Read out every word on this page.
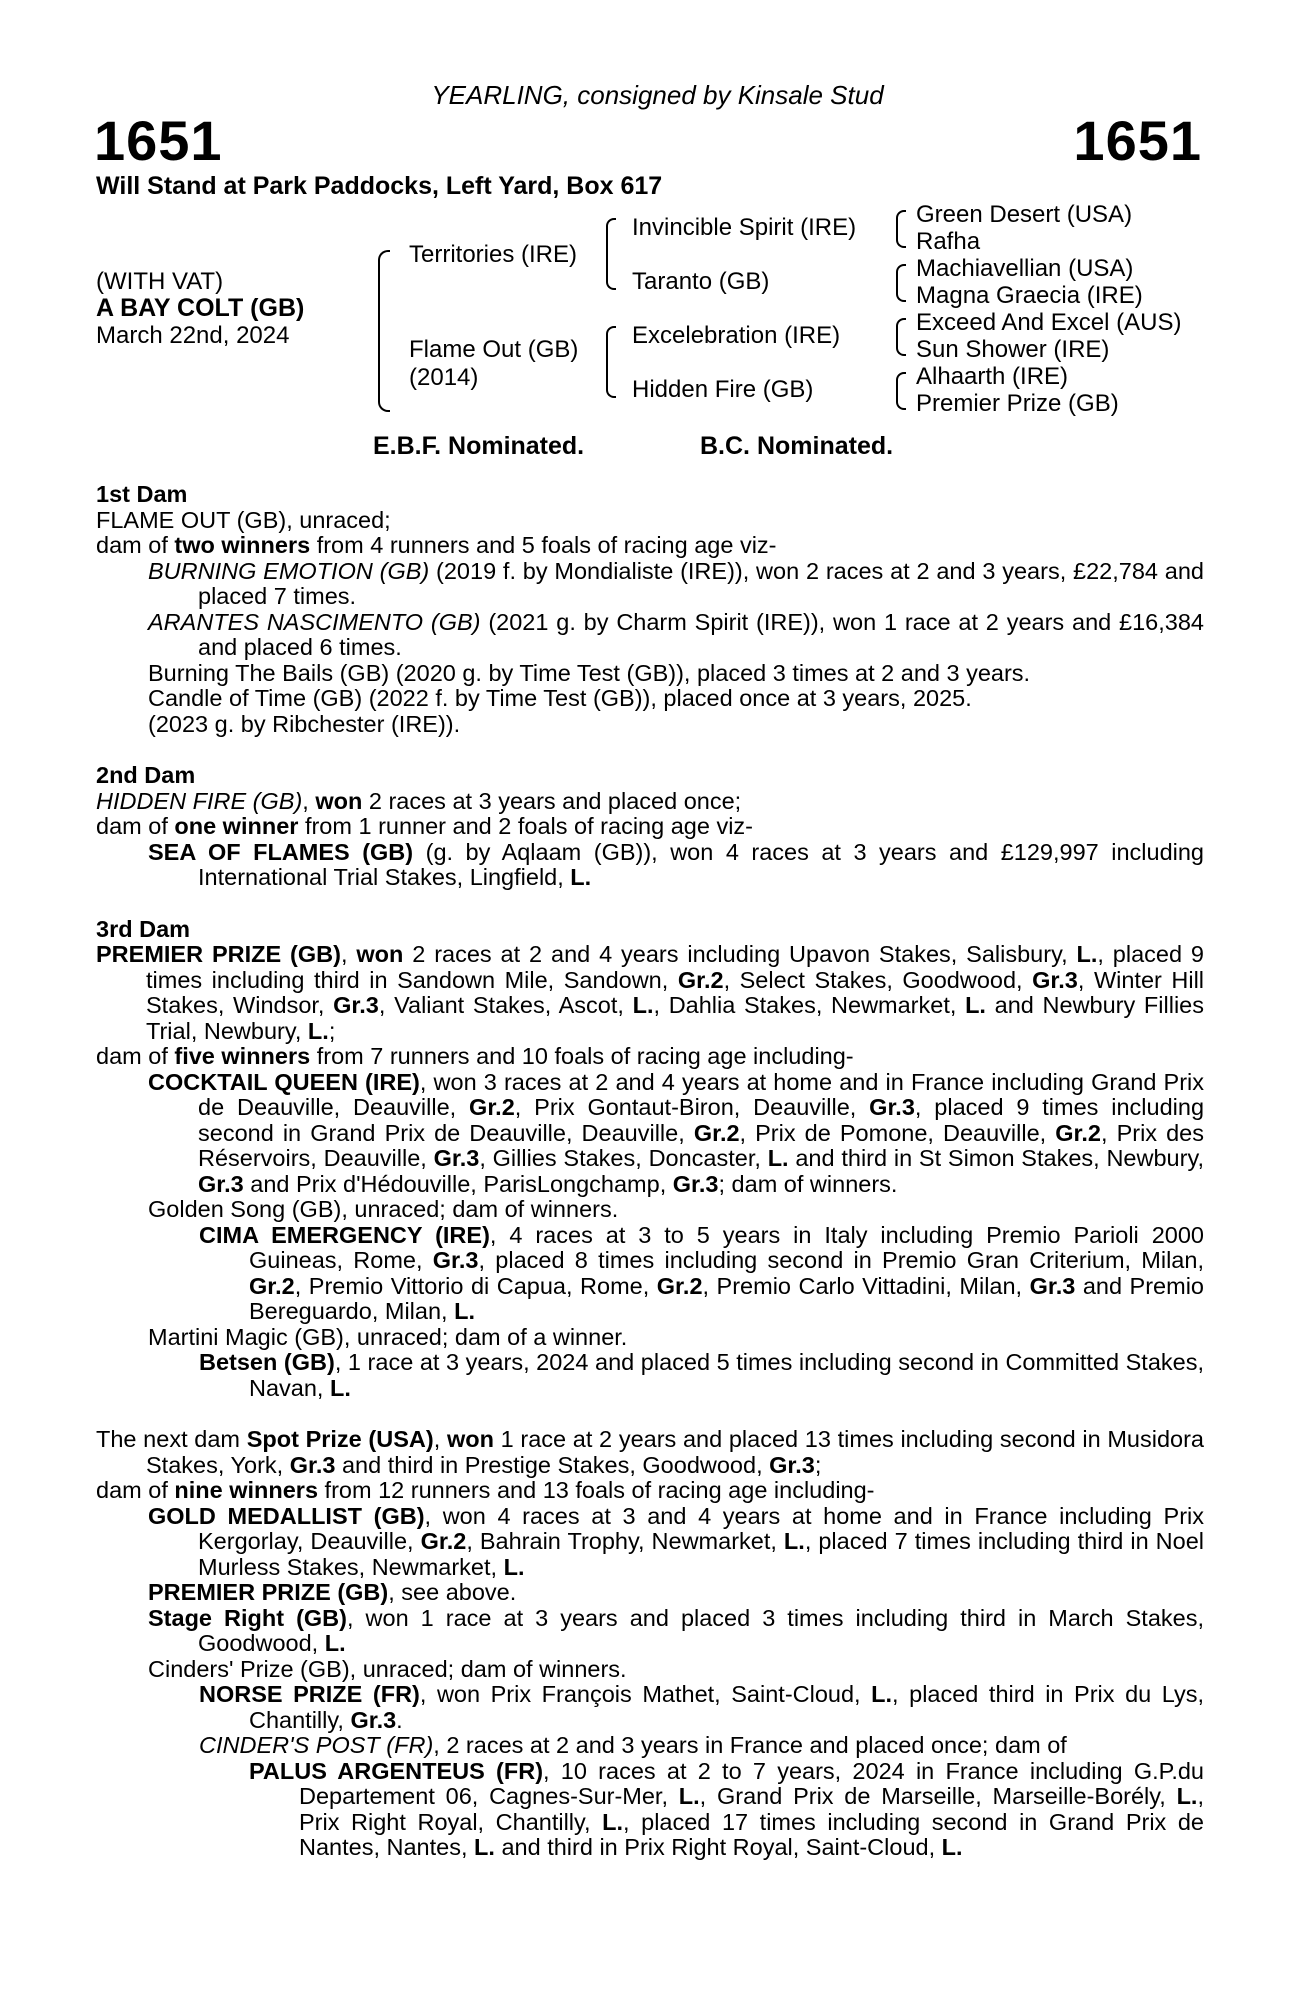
YEARLING, consigned by Kinsale Stud
1651	1651
Will Stand at Park Paddocks, Left Yard, Box 617
(WITH VAT)
A BAY COLT (GB)
March 22nd, 2024
Territories (IRE)
Flame Out (GB)
(2014)
Invincible Spirit (IRE)
Taranto (GB)
Excelebration (IRE)
Hidden Fire (GB)
Green Desert (USA)
Rafha
Machiavellian (USA)
Magna Graecia (IRE)
Exceed And Excel (AUS)
Sun Shower (IRE)
Alhaarth (IRE)
Premier Prize (GB)
E.B.F. Nominated.	B.C. Nominated.

1st Dam

FLAME OUT (GB), unraced;

dam of two winners from 4 runners and 5 foals of racing age viz-

BURNING EMOTION (GB) (2019 f. by Mondialiste (IRE)), won 2 races at 2 and 3 years, £22,784 and placed 7 times.

ARANTES NASCIMENTO (GB) (2021 g. by Charm Spirit (IRE)), won 1 race at 2 years and £16,384 and placed 6 times.

Burning The Bails (GB) (2020 g. by Time Test (GB)), placed 3 times at 2 and 3 years.

Candle of Time (GB) (2022 f. by Time Test (GB)), placed once at 3 years, 2025.

(2023 g. by Ribchester (IRE)).

2nd Dam

HIDDEN FIRE (GB), won 2 races at 3 years and placed once;

dam of one winner from 1 runner and 2 foals of racing age viz-

SEA OF FLAMES (GB) (g. by Aqlaam (GB)), won 4 races at 3 years and £129,997 including International Trial Stakes, Lingfield, L.

3rd Dam

PREMIER PRIZE (GB), won 2 races at 2 and 4 years including Upavon Stakes, Salisbury, L., placed 9 times including third in Sandown Mile, Sandown, Gr.2, Select Stakes, Goodwood, Gr.3, Winter Hill Stakes, Windsor, Gr.3, Valiant Stakes, Ascot, L., Dahlia Stakes, Newmarket, L. and Newbury Fillies Trial, Newbury, L.;

dam of five winners from 7 runners and 10 foals of racing age including-

COCKTAIL QUEEN (IRE), won 3 races at 2 and 4 years at home and in France including Grand Prix de Deauville, Deauville, Gr.2, Prix Gontaut-Biron, Deauville, Gr.3, placed 9 times including second in Grand Prix de Deauville, Deauville, Gr.2, Prix de Pomone, Deauville, Gr.2, Prix des Réservoirs, Deauville, Gr.3, Gillies Stakes, Doncaster, L. and third in St Simon Stakes, Newbury, Gr.3 and Prix d'Hédouville, ParisLongchamp, Gr.3; dam of winners.

Golden Song (GB), unraced; dam of winners.

CIMA EMERGENCY (IRE), 4 races at 3 to 5 years in Italy including Premio Parioli 2000 Guineas, Rome, Gr.3, placed 8 times including second in Premio Gran Criterium, Milan, Gr.2, Premio Vittorio di Capua, Rome, Gr.2, Premio Carlo Vittadini, Milan, Gr.3 and Premio Bereguardo, Milan, L.

Martini Magic (GB), unraced; dam of a winner.

Betsen (GB), 1 race at 3 years, 2024 and placed 5 times including second in Committed Stakes, Navan, L.

The next dam Spot Prize (USA), won 1 race at 2 years and placed 13 times including second in Musidora Stakes, York, Gr.3 and third in Prestige Stakes, Goodwood, Gr.3;

dam of nine winners from 12 runners and 13 foals of racing age including-

GOLD MEDALLIST (GB), won 4 races at 3 and 4 years at home and in France including Prix Kergorlay, Deauville, Gr.2, Bahrain Trophy, Newmarket, L., placed 7 times including third in Noel Murless Stakes, Newmarket, L.

PREMIER PRIZE (GB), see above.

Stage Right (GB), won 1 race at 3 years and placed 3 times including third in March Stakes, Goodwood, L.

Cinders' Prize (GB), unraced; dam of winners.

NORSE PRIZE (FR), won Prix François Mathet, Saint-Cloud, L., placed third in Prix du Lys, Chantilly, Gr.3.

CINDER'S POST (FR), 2 races at 2 and 3 years in France and placed once; dam of

PALUS ARGENTEUS (FR), 10 races at 2 to 7 years, 2024 in France including G.P.du Departement 06, Cagnes-Sur-Mer, L., Grand Prix de Marseille, Marseille-Borély, L., Prix Right Royal, Chantilly, L., placed 17 times including second in Grand Prix de Nantes, Nantes, L. and third in Prix Right Royal, Saint-Cloud, L.
